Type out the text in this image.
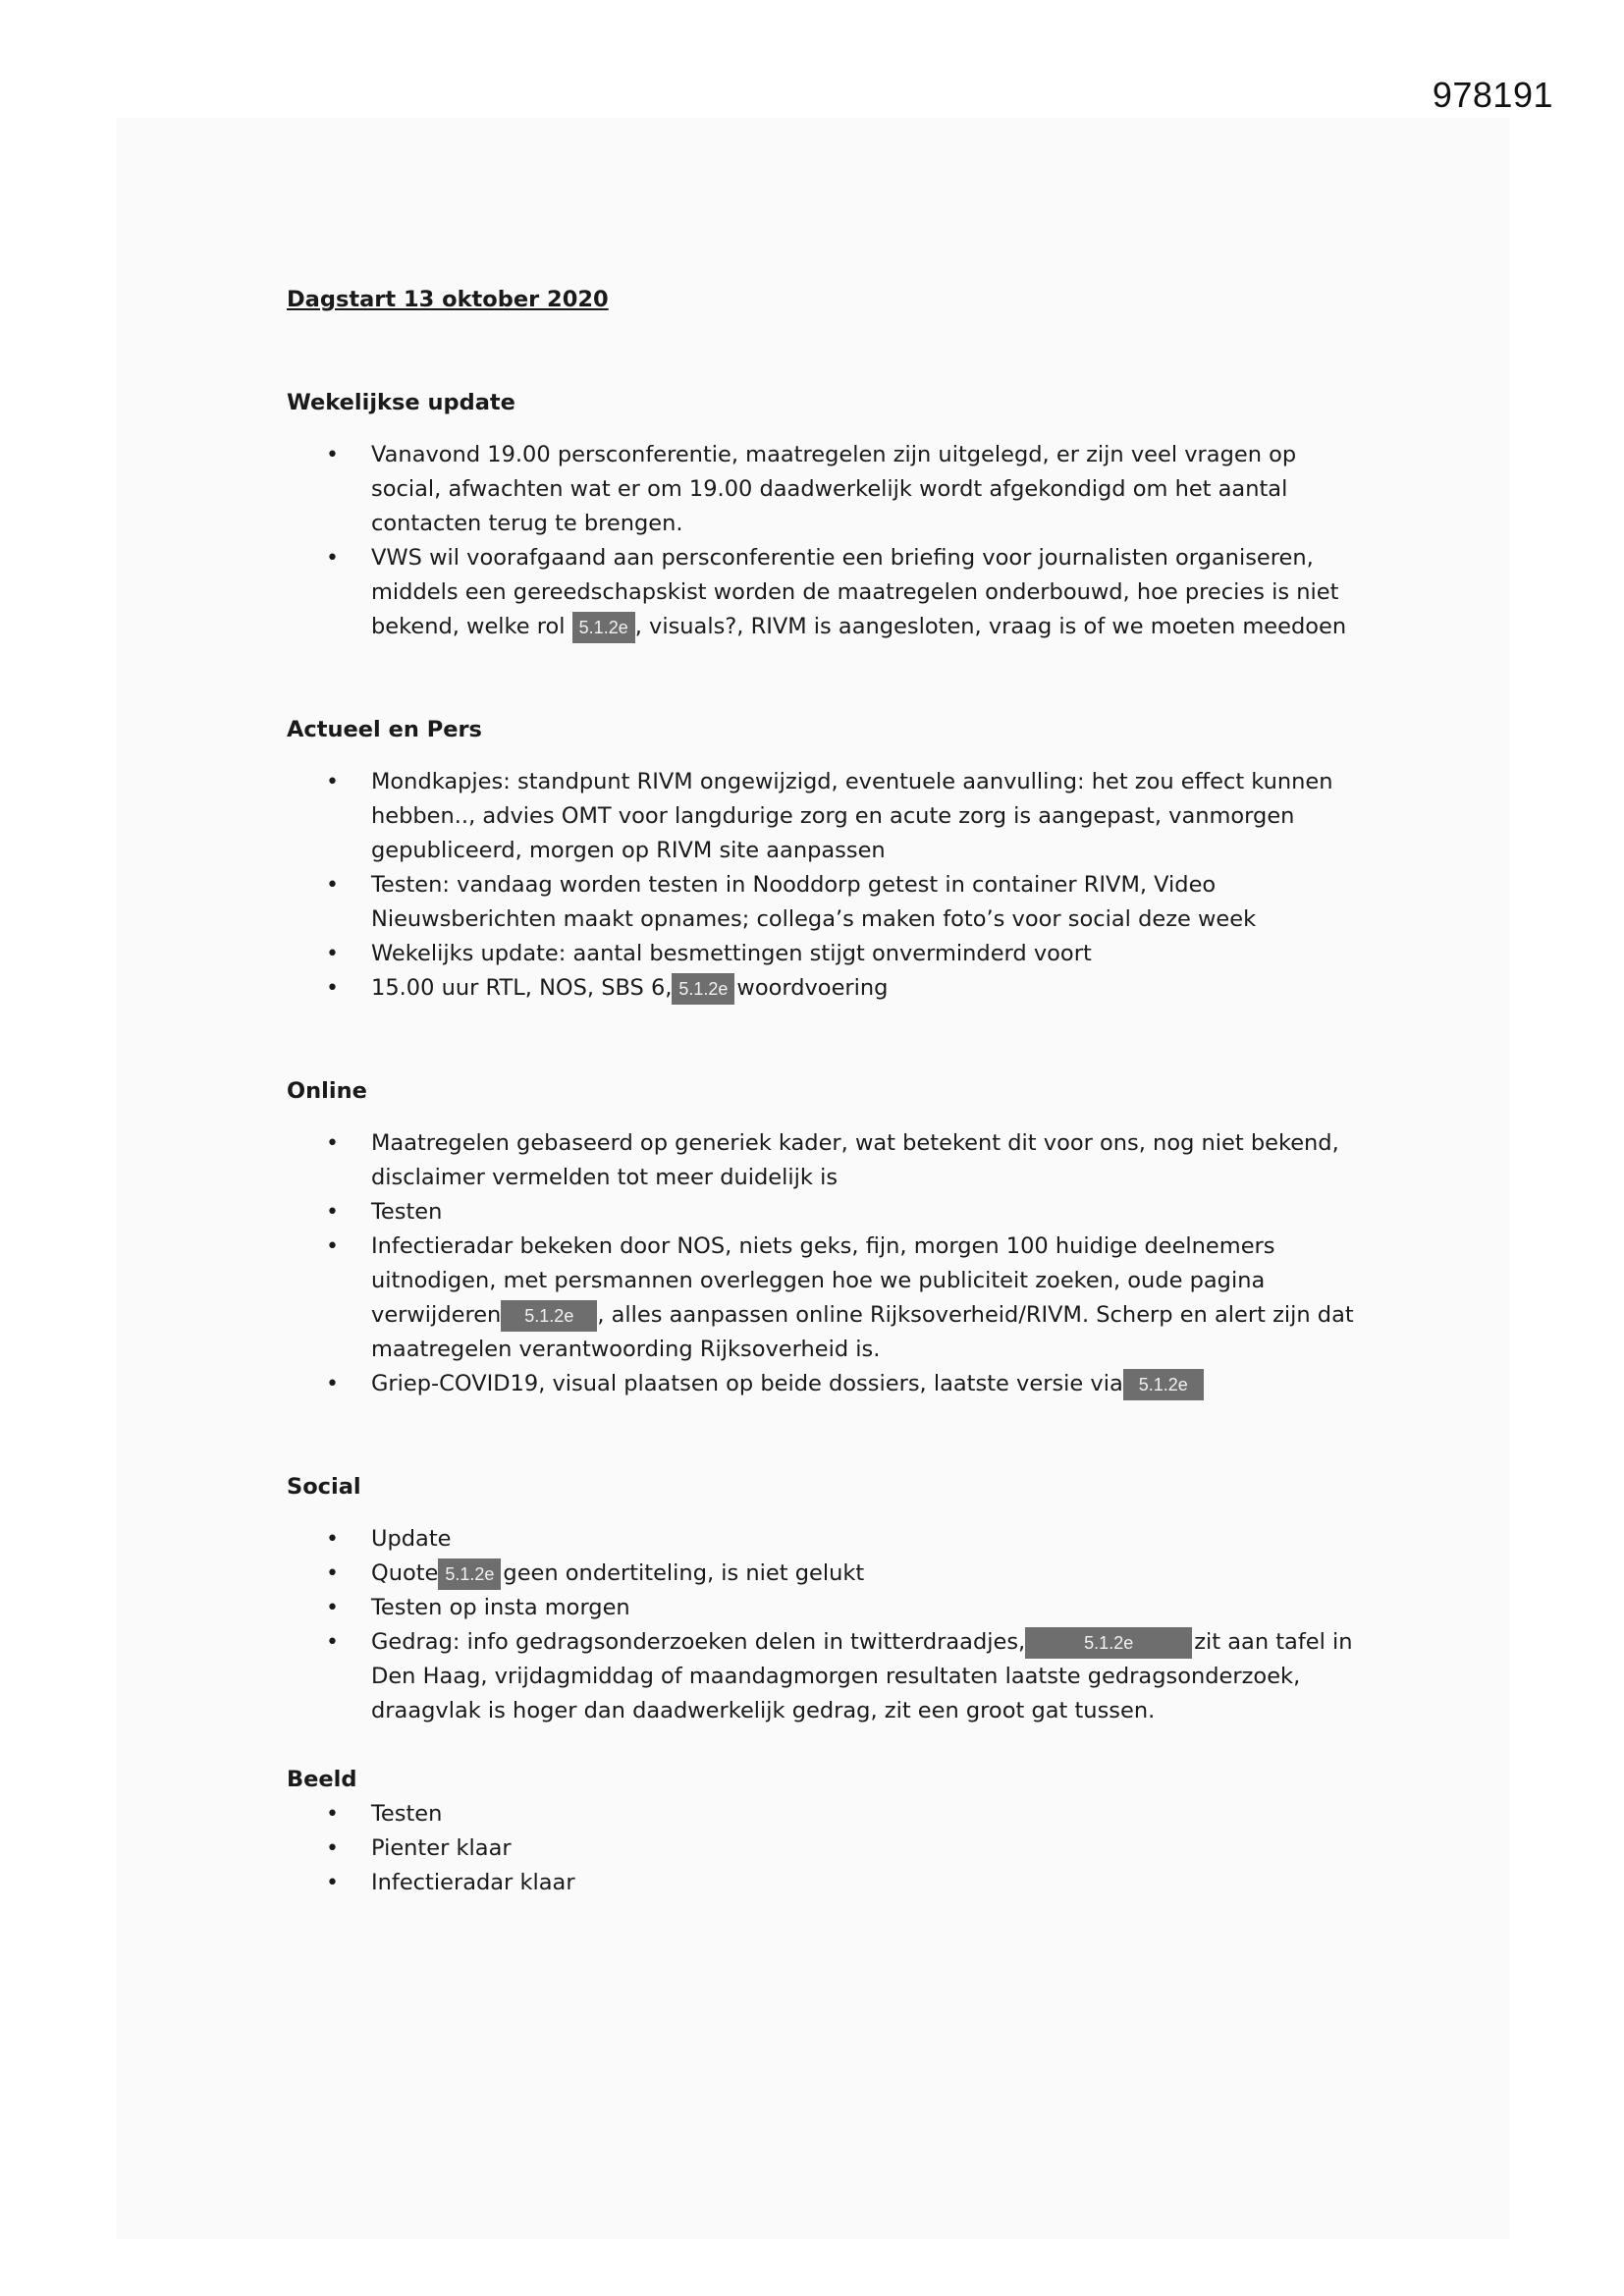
978191
Dagstart 13 oktober 2020
Wekelijkse update
• Vanavond 19.00 persconferentie, maatregelen zijn uitgelegd, er zijn veel vragen op social, afwachten wat er om 19.00 daadwerkelijk wordt afgekondigd om het aantal contacten terug te brengen.
• VWS wil voorafgaand aan persconferentie een briefing voor journalisten organiseren, middels een gereedschapskist worden de maatregelen onderbouwd, hoe precies is niet bekend, welke rol 5.1.2e , visuals?, RIVM is aangesloten, vraag is of we moeten meedoen
Actueel en Pers
• Mondkapjes: standpunt RIVM ongewijzigd, eventuele aanvulling: het zou effect kunnen hebben.., advies OMT voor langdurige zorg en acute zorg is aangepast, vanmorgen gepubliceerd, morgen op RIVM site aanpassen
• Testen: vandaag worden testen in Nooddorp getest in container RIVM, Video Nieuwsberichten maakt opnames; collega’s maken foto’s voor social deze week
• Wekelijks update: aantal besmettingen stijgt onverminderd voort
• 15.00 uur RTL, NOS, SBS 6, 5.1.2e woordvoering
Online
• Maatregelen gebaseerd op generiek kader, wat betekent dit voor ons, nog niet bekend, disclaimer vermelden tot meer duidelijk is
• Testen
• Infectieradar bekeken door NOS, niets geks, fijn, morgen 100 huidige deelnemers uitnodigen, met persmannen overleggen hoe we publiciteit zoeken, oude pagina verwijderen 5.1.2e , alles aanpassen online Rijksoverheid/RIVM. Scherp en alert zijn dat maatregelen verantwoording Rijksoverheid is.
• Griep-COVID19, visual plaatsen op beide dossiers, laatste versie via 5.1.2e
Social
• Update
• Quote 5.1.2e geen ondertiteling, is niet gelukt
• Testen op insta morgen
• Gedrag: info gedragsonderzoeken delen in twitterdraadjes,	5.1.2e	zit aan tafel in Den Haag, vrijdagmiddag of maandagmorgen resultaten laatste gedragsonderzoek, draagvlak is hoger dan daadwerkelijk gedrag, zit een groot gat tussen.
Beeld
• Testen
• Pienter klaar
• Infectieradar klaar
